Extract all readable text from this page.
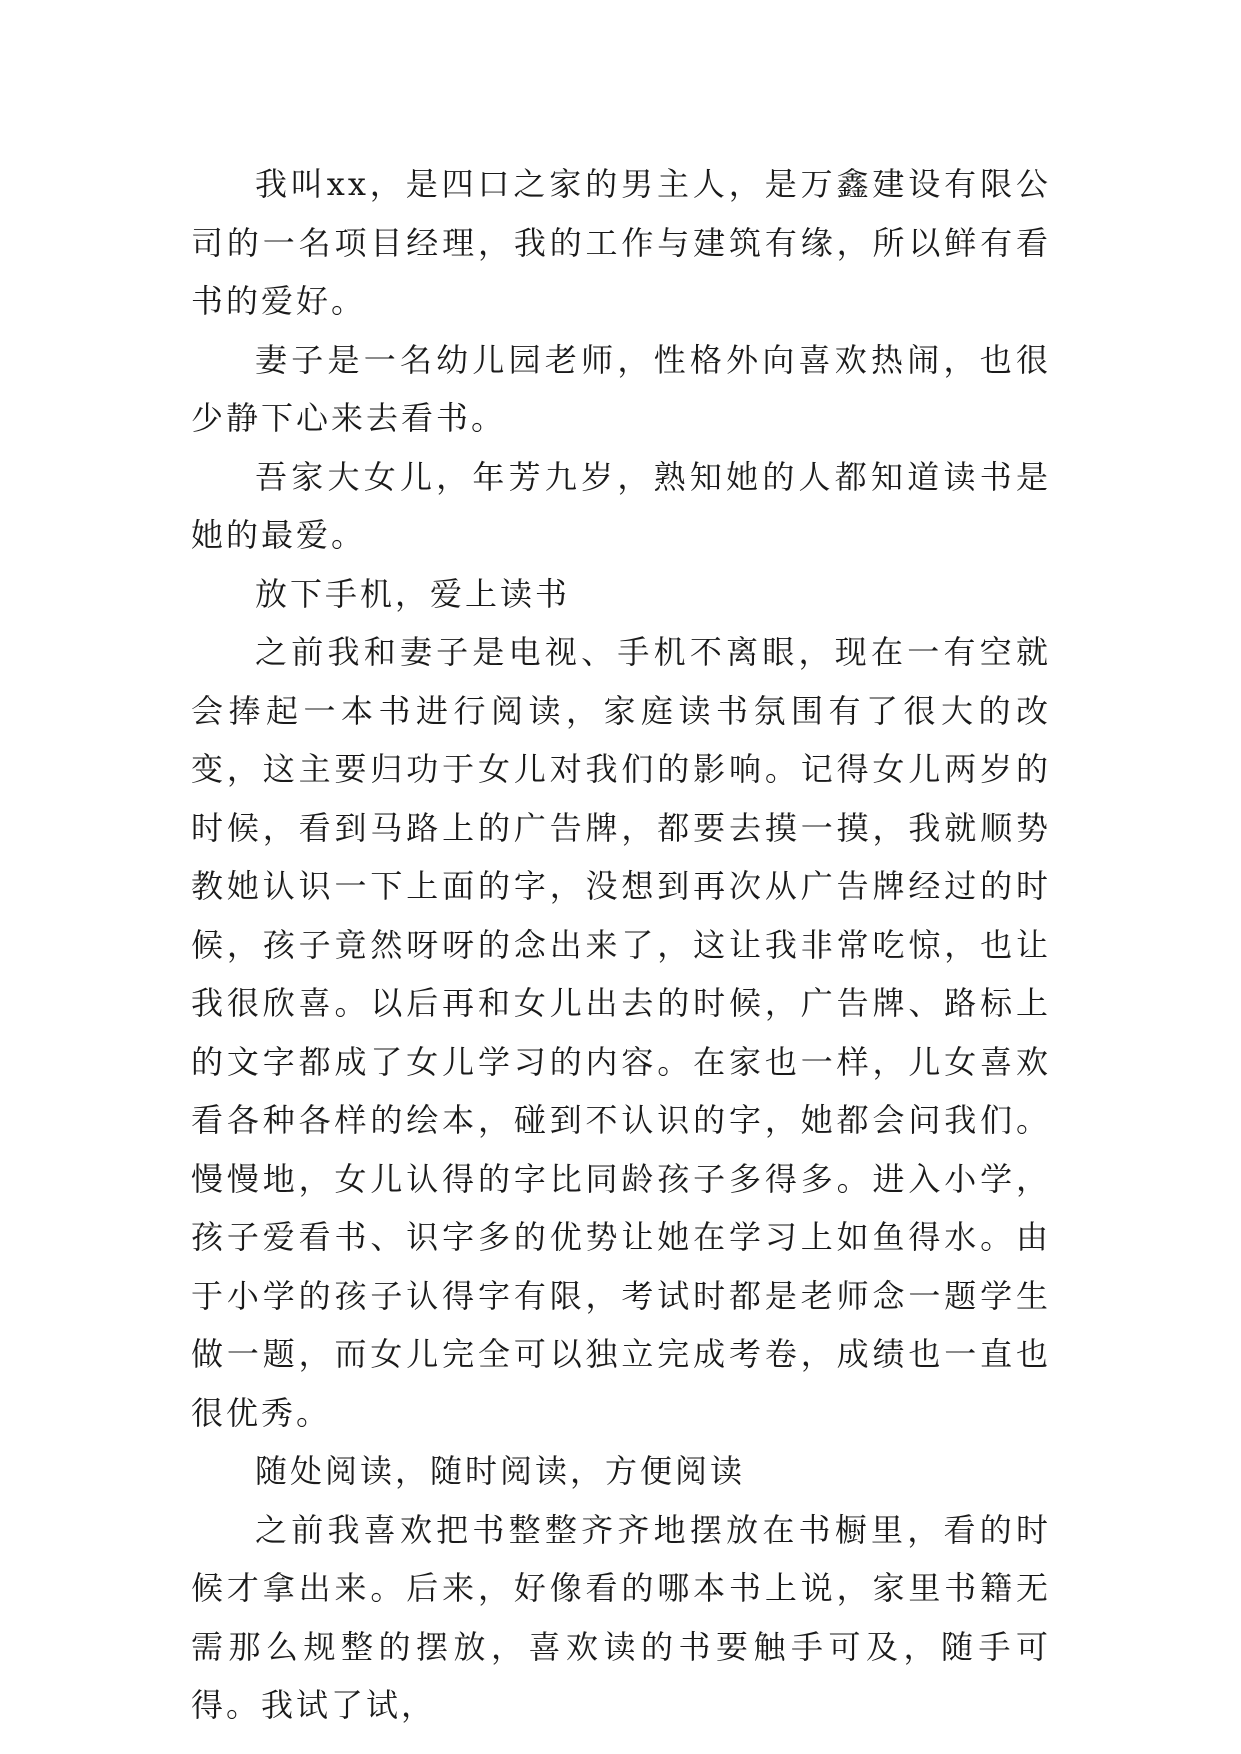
我叫xx，是四口之家的男主人，是万鑫建设有限公司的一名项目经理，我的工作与建筑有缘，所以鲜有看书的爱好。

妻子是一名幼儿园老师，性格外向喜欢热闹，也很少静下心来去看书。

吾家大女儿，年芳九岁，熟知她的人都知道读书是她的最爱。

放下手机，爱上读书

之前我和妻子是电视、手机不离眼，现在一有空就会捧起一本书进行阅读，家庭读书氛围有了很大的改变，这主要归功于女儿对我们的影响。记得女儿两岁的时候，看到马路上的广告牌，都要去摸一摸，我就顺势教她认识一下上面的字，没想到再次从广告牌经过的时候，孩子竟然呀呀的念出来了，这让我非常吃惊，也让我很欣喜。以后再和女儿出去的时候，广告牌、路标上的文字都成了女儿学习的内容。在家也一样，儿女喜欢看各种各样的绘本，碰到不认识的字，她都会问我们。慢慢地，女儿认得的字比同龄孩子多得多。进入小学，孩子爱看书、识字多的优势让她在学习上如鱼得水。由于小学的孩子认得字有限，考试时都是老师念一题学生做一题，而女儿完全可以独立完成考卷，成绩也一直也很优秀。

随处阅读，随时阅读，方便阅读

之前我喜欢把书整整齐齐地摆放在书橱里，看的时候才拿出来。后来，好像看的哪本书上说，家里书籍无需那么规整的摆放，喜欢读的书要触手可及，随手可得。我试了试，
